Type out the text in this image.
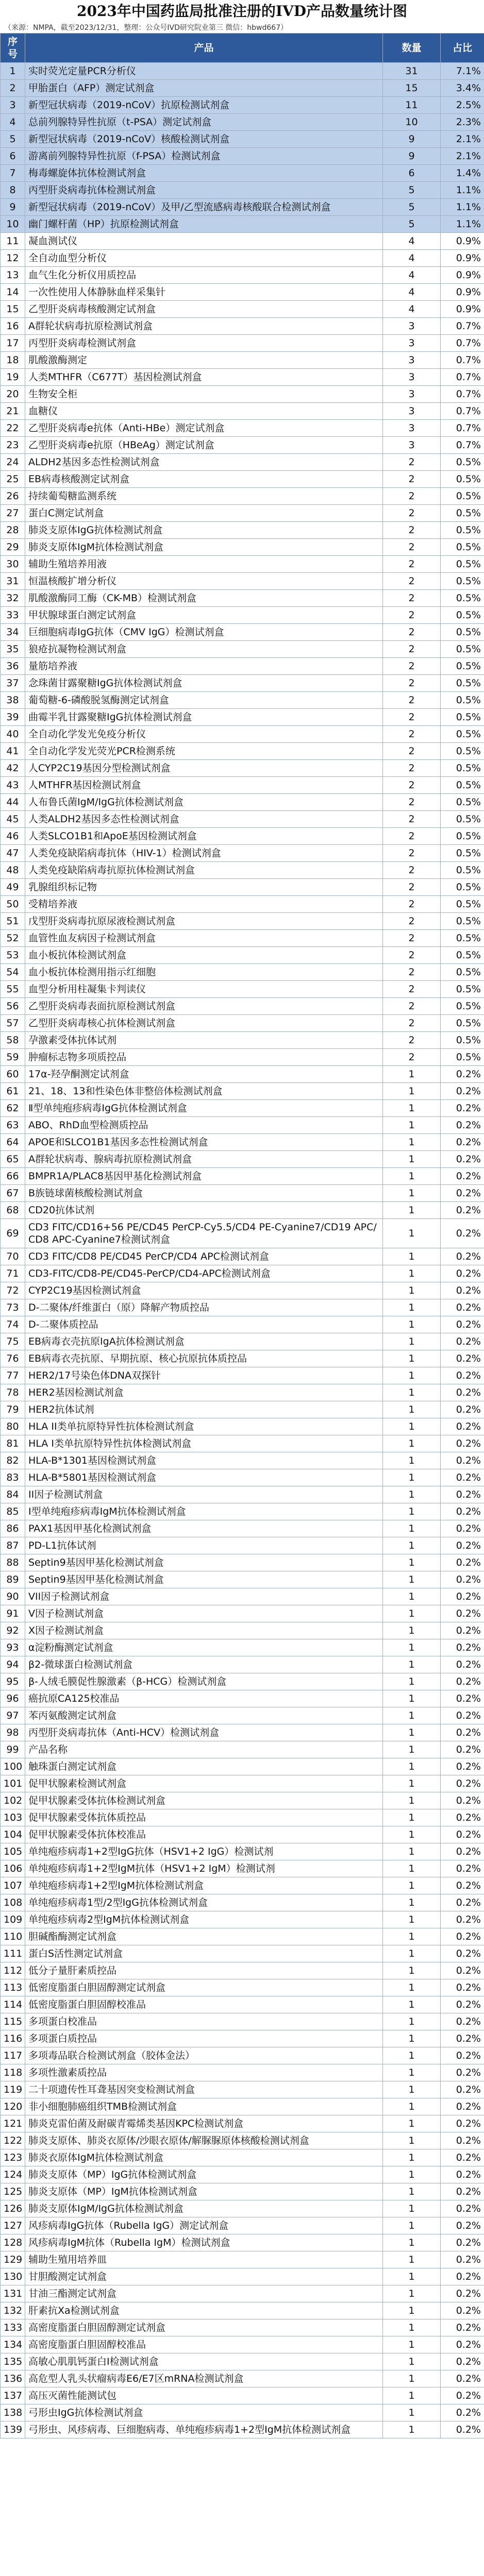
2023年中国药监局批准注册的IVD产品数量统计图
（来源：NMPA，截至2023/12/31，整理：公众号IVD研究院业第三 微信：hbwd667）
序号	产品	数量	占比
1	实时荧光定量PCR分析仪	31	7.1%
2	甲胎蛋白（AFP）测定试剂盒	15	3.4%
3	新型冠状病毒（2019-nCoV）抗原检测试剂盒	11	2.5%
4	总前列腺特异性抗原（t-PSA）测定试剂盒	10	2.3%
5	新型冠状病毒（2019-nCoV）核酸检测试剂盒	9	2.1%
6	游离前列腺特异性抗原（f-PSA）检测试剂盒	9	2.1%
7	梅毒螺旋体抗体检测试剂盒	6	1.4%
8	丙型肝炎病毒抗体检测试剂盒	5	1.1%
9	新型冠状病毒（2019-nCoV）及甲/乙型流感病毒核酸联合检测试剂盒	5	1.1%
10	幽门螺杆菌（HP）抗原检测试剂盒	5	1.1%
11	凝血测试仪	4	0.9%
12	全自动血型分析仪	4	0.9%
13	血气生化分析仪用质控品	4	0.9%
14	一次性使用人体静脉血样采集针	4	0.9%
15	乙型肝炎病毒核酸测定试剂盒	4	0.9%
16	A群轮状病毒抗原检测试剂盒	3	0.7%
17	丙型肝炎病毒检测试剂盒	3	0.7%
18	肌酸激酶测定	3	0.7%
19	人类MTHFR（C677T）基因检测试剂盒	3	0.7%
20	生物安全柜	3	0.7%
21	血糖仪	3	0.7%
22	乙型肝炎病毒e抗体（Anti-HBe）测定试剂盒	3	0.7%
23	乙型肝炎病毒e抗原（HBeAg）测定试剂盒	3	0.7%
24	ALDH2基因多态性检测试剂盒	2	0.5%
25	EB病毒核酸测定试剂盒	2	0.5%
26	持续葡萄糖监测系统	2	0.5%
27	蛋白C测定试剂盒	2	0.5%
28	肺炎支原体IgG抗体检测试剂盒	2	0.5%
29	肺炎支原体IgM抗体检测试剂盒	2	0.5%
30	辅助生殖培养用液	2	0.5%
31	恒温核酸扩增分析仪	2	0.5%
32	肌酸激酶同工酶（CK-MB）检测试剂盒	2	0.5%
33	甲状腺球蛋白测定试剂盒	2	0.5%
34	巨细胞病毒IgG抗体（CMV IgG）检测试剂盒	2	0.5%
35	狼疮抗凝物检测试剂盒	2	0.5%
36	量筋培养液	2	0.5%
37	念珠菌甘露聚糖IgG抗体检测试剂盒	2	0.5%
38	葡萄糖-6-磷酸脱氢酶测定试剂盒	2	0.5%
39	曲霉半乳甘露聚糖IgG抗体检测试剂盒	2	0.5%
40	全自动化学发光免疫分析仪	2	0.5%
41	全自动化学发光荧光PCR检测系统	2	0.5%
42	人CYP2C19基因分型检测试剂盒	2	0.5%
43	人MTHFR基因检测试剂盒	2	0.5%
44	人布鲁氏菌IgM/IgG抗体检测试剂盒	2	0.5%
45	人类ALDH2基因多态性检测试剂盒	2	0.5%
46	人类SLCO1B1和ApoE基因检测试剂盒	2	0.5%
47	人类免疫缺陷病毒抗体（HIV-1）检测试剂盒	2	0.5%
48	人类免疫缺陷病毒抗原抗体检测试剂盒	2	0.5%
49	乳腺组织标记物	2	0.5%
50	受精培养液	2	0.5%
51	戊型肝炎病毒抗原尿液检测试剂盒	2	0.5%
52	血管性血友病因子检测试剂盒	2	0.5%
53	血小板抗体检测试剂盒	2	0.5%
54	血小板抗体检测用指示红细胞	2	0.5%
55	血型分析用柱凝集卡判读仪	2	0.5%
56	乙型肝炎病毒表面抗原检测试剂盒	2	0.5%
57	乙型肝炎病毒核心抗体检测试剂盒	2	0.5%
58	孕激素受体抗体试剂	2	0.5%
59	肿瘤标志物多项质控品	2	0.5%
60	17α-羟孕酮测定试剂盒	1	0.2%
61	21、18、13和性染色体非整倍体检测试剂盒	1	0.2%
62	Ⅱ型单纯疱疹病毒IgG抗体检测试剂盒	1	0.2%
63	ABO、RhD血型检测质控品	1	0.2%
64	APOE和SLCO1B1基因多态性检测试剂盒	1	0.2%
65	A群轮状病毒、腺病毒抗原检测试剂盒	1	0.2%
66	BMPR1A/PLAC8基因甲基化检测试剂盒	1	0.2%
67	B族链球菌核酸检测试剂盒	1	0.2%
68	CD20抗体试剂	1	0.2%
69	CD3 FITC/CD16+56 PE/CD45 PerCP-Cy5.5/CD4 PE-Cyanine7/CD19 APC/CD8 APC-Cyanine7检测试剂盒	1	0.2%
70	CD3 FITC/CD8 PE/CD45 PerCP/CD4 APC检测试剂盒	1	0.2%
71	CD3-FITC/CD8-PE/CD45-PerCP/CD4-APC检测试剂盒	1	0.2%
72	CYP2C19基因检测试剂盒	1	0.2%
73	D-二聚体/纤维蛋白（原）降解产物质控品	1	0.2%
74	D-二聚体质控品	1	0.2%
75	EB病毒衣壳抗原IgA抗体检测试剂盒	1	0.2%
76	EB病毒衣壳抗原、早期抗原、核心抗原抗体质控品	1	0.2%
77	HER2/17号染色体DNA双探针	1	0.2%
78	HER2基因检测试剂盒	1	0.2%
79	HER2抗体试剂	1	0.2%
80	HLA II类单抗原特异性抗体检测试剂盒	1	0.2%
81	HLA I类单抗原特异性抗体检测试剂盒	1	0.2%
82	HLA-B*1301基因检测试剂盒	1	0.2%
83	HLA-B*5801基因检测试剂盒	1	0.2%
84	II因子检测试剂盒	1	0.2%
85	I型单纯疱疹病毒IgM抗体检测试剂盒	1	0.2%
86	PAX1基因甲基化检测试剂盒	1	0.2%
87	PD-L1抗体试剂	1	0.2%
88	Septin9基因甲基化检测试剂盒	1	0.2%
89	Septin9基因甲基化检测试剂盒	1	0.2%
90	VII因子检测试剂盒	1	0.2%
91	V因子检测试剂盒	1	0.2%
92	X因子检测试剂盒	1	0.2%
93	α淀粉酶测定试剂盒	1	0.2%
94	β2-微球蛋白检测试剂盒	1	0.2%
95	β-人绒毛膜促性腺激素（β-HCG）检测试剂盒	1	0.2%
96	癌抗原CA125校准品	1	0.2%
97	苯丙氨酸测定试剂盒	1	0.2%
98	丙型肝炎病毒抗体（Anti-HCV）检测试剂盒	1	0.2%
99	产品名称	1	0.2%
100	触珠蛋白测定试剂盒	1	0.2%
101	促甲状腺素检测试剂盒	1	0.2%
102	促甲状腺素受体抗体检测试剂盒	1	0.2%
103	促甲状腺素受体抗体质控品	1	0.2%
104	促甲状腺素受体抗体校准品	1	0.2%
105	单纯疱疹病毒1+2型IgG抗体（HSV1+2 IgG）检测试剂	1	0.2%
106	单纯疱疹病毒1+2型IgM抗体（HSV1+2 IgM）检测试剂	1	0.2%
107	单纯疱疹病毒1+2型IgM抗体检测试剂盒	1	0.2%
108	单纯疱疹病毒1型/2型IgG抗体检测试剂盒	1	0.2%
109	单纯疱疹病毒2型IgM抗体检测试剂盒	1	0.2%
110	胆碱酯酶测定试剂盒	1	0.2%
111	蛋白S活性测定试剂盒	1	0.2%
112	低分子量肝素质控品	1	0.2%
113	低密度脂蛋白胆固醇测定试剂盒	1	0.2%
114	低密度脂蛋白胆固醇校准品	1	0.2%
115	多项蛋白校准品	1	0.2%
116	多项蛋白质控品	1	0.2%
117	多项毒品联合检测试剂盒（胶体金法）	1	0.2%
118	多项性激素质控品	1	0.2%
119	二十项遗传性耳聋基因突变检测试剂盒	1	0.2%
120	非小细胞肺癌组织TMB检测试剂盒	1	0.2%
121	肺炎克雷伯菌及耐碳青霉烯类基因KPC检测试剂盒	1	0.2%
122	肺炎支原体、肺炎衣原体/沙眼衣原体/解脲脲原体核酸检测试剂盒	1	0.2%
123	肺炎衣原体IgM抗体检测试剂盒	1	0.2%
124	肺炎支原体（MP）IgG抗体检测试剂盒	1	0.2%
125	肺炎支原体（MP）IgM抗体检测试剂盒	1	0.2%
126	肺炎支原体IgM/IgG抗体检测试剂盒	1	0.2%
127	风疹病毒IgG抗体（Rubella IgG）测定试剂盒	1	0.2%
128	风疹病毒IgM抗体（Rubella IgM）检测试剂盒	1	0.2%
129	辅助生殖用培养皿	1	0.2%
130	甘胆酸测定试剂盒	1	0.2%
131	甘油三酯测定试剂盒	1	0.2%
132	肝素抗Xa检测试剂盒	1	0.2%
133	高密度脂蛋白胆固醇测定试剂盒	1	0.2%
134	高密度脂蛋白胆固醇校准品	1	0.2%
135	高敏心肌肌钙蛋白I检测试剂盒	1	0.2%
136	高危型人乳头状瘤病毒E6/E7区mRNA检测试剂盒	1	0.2%
137	高压灭菌性能测试包	1	0.2%
138	弓形虫IgG抗体检测试剂盒	1	0.2%
139	弓形虫、风疹病毒、巨细胞病毒、单纯疱疹病毒1+2型IgM抗体检测试剂盒	1	0.2%
